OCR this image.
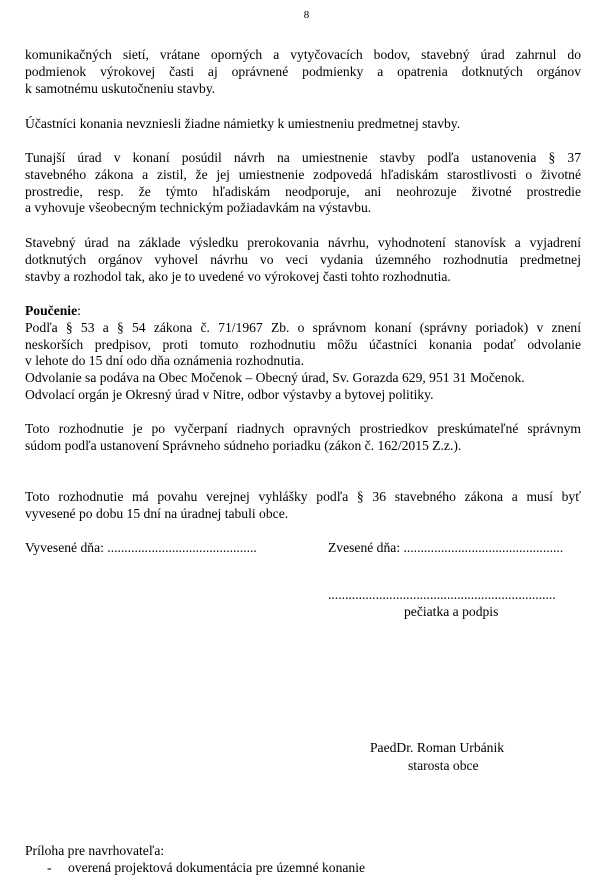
8
komunikačných sietí, vrátane oporných a vytyčovacích bodov, stavebný úrad zahrnul do
podmienok výrokovej časti aj oprávnené podmienky a opatrenia dotknutých orgánov
k samotnému uskutočneniu stavby.
Účastníci konania nevzniesli žiadne námietky k umiestneniu predmetnej stavby.
Tunajší úrad v konaní posúdil návrh na umiestnenie stavby podľa ustanovenia § 37
stavebného zákona a zistil, že jej umiestnenie zodpovedá hľadiskám starostlivosti o životné
prostredie, resp. že týmto hľadiskám neodporuje, ani neohrozuje životné prostredie
a vyhovuje všeobecným technickým požiadavkám na výstavbu.
Stavebný úrad na základe výsledku prerokovania návrhu, vyhodnotení stanovísk a vyjadrení
dotknutých orgánov vyhovel návrhu vo veci vydania územného rozhodnutia predmetnej
stavby a rozhodol tak, ako je to uvedené vo výrokovej časti tohto rozhodnutia.
Poučenie:
Podľa § 53 a § 54 zákona č. 71/1967 Zb. o správnom konaní (správny poriadok) v znení
neskorších predpisov, proti tomuto rozhodnutiu môžu účastníci konania podať odvolanie
v lehote do 15 dní odo dňa oznámenia rozhodnutia.
Odvolanie sa podáva na Obec Močenok – Obecný úrad, Sv. Gorazda 629, 951 31 Močenok.
Odvolací orgán je Okresný úrad v Nitre, odbor výstavby a bytovej politiky.
Toto rozhodnutie je po vyčerpaní riadnych opravných prostriedkov preskúmateľné správnym
súdom podľa ustanovení Správneho súdneho poriadku (zákon č. 162/2015 Z.z.).
Toto rozhodnutie má povahu verejnej vyhlášky podľa § 36 stavebného zákona a musí byť
vyvesené po dobu 15 dní na úradnej tabuli obce.
Vyvesené dňa: ............................................	Zvesené dňa: ...............................................
...................................................................
pečiatka a podpis
PaedDr. Roman Urbánik
starosta obce
Príloha pre navrhovateľa:
- overená projektová dokumentácia pre územné konanie
